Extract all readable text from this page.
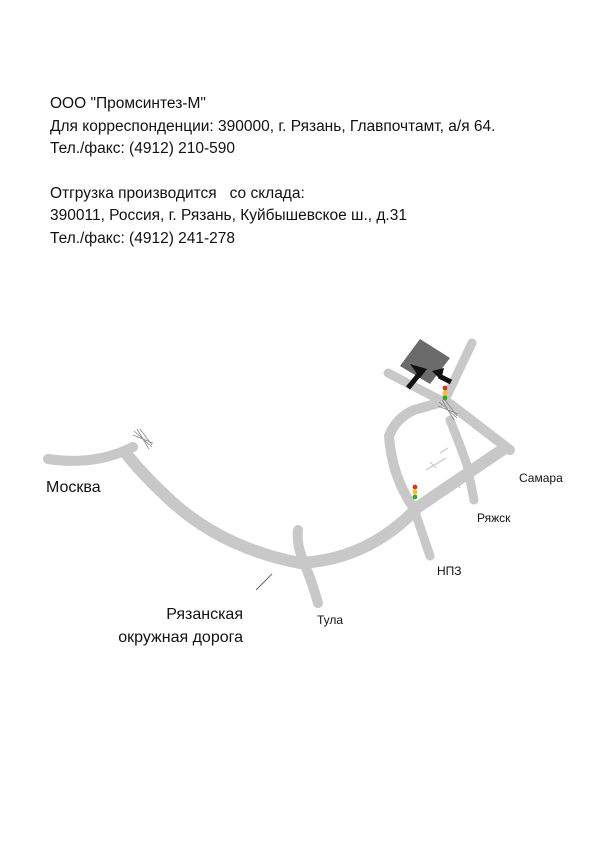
ООО "Промсинтез-М"

Для корреспонденции: 390000, г. Рязань, Главпочтамт, а/я 64.

Тел./факс: (4912) 210-590

Отгрузка производится   со склада:

390011, Россия, г. Рязань, Куйбышевское ш., д.31

Тел./факс: (4912) 241-278

Москва
Рязанская
окружная дорога
Тула
НПЗ
Ряжск
Самара
